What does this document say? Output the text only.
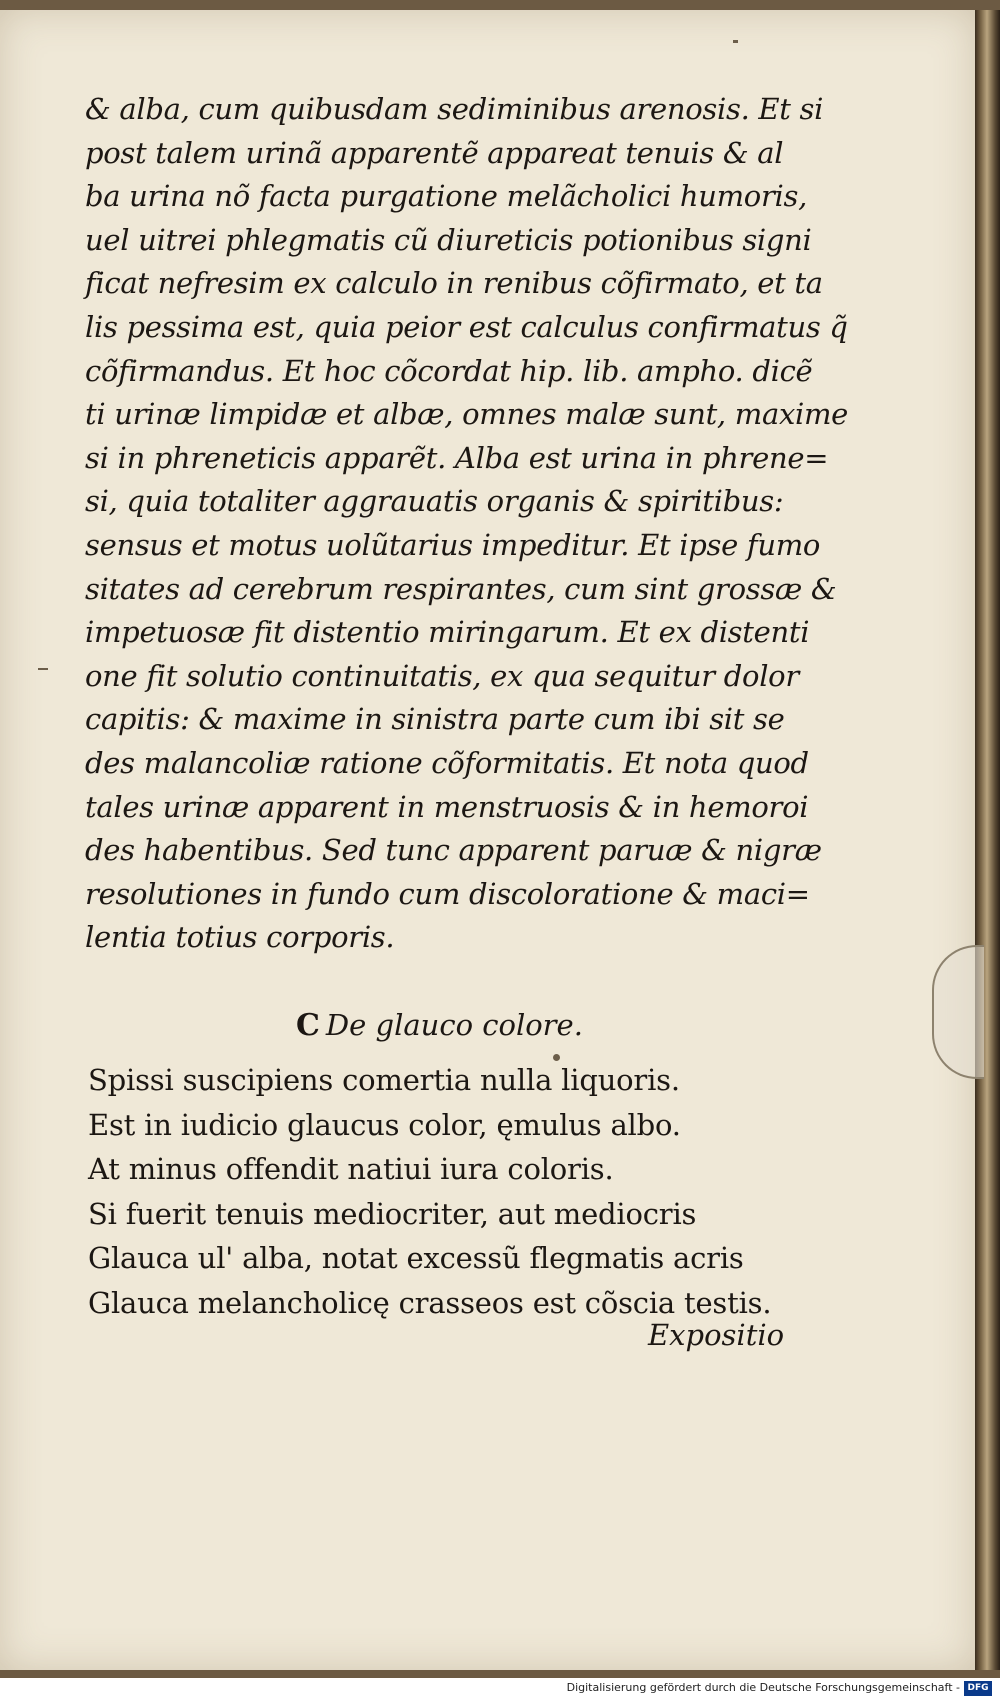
& alba, cum quibusdam sediminibus arenosis. Et si
post talem urinã apparentẽ appareat tenuis & al
ba urina nõ facta purgatione melãcholici humoris,
uel uitrei phlegmatis cũ diureticis potionibus signi
ficat nefresim ex calculo in renibus cõfirmato, et ta
lis pessima est, quia peior est calculus confirmatus q̃
cõfirmandus. Et hoc cõcordat hip. lib. ampho. dicẽ
ti urinæ limpidæ et albæ, omnes malæ sunt, maxime
si in phreneticis apparẽt. Alba est urina in phrene=
si, quia totaliter aggrauatis organis & spiritibus:
sensus et motus uolũtarius impeditur. Et ipse fumo
sitates ad cerebrum respirantes, cum sint grossæ &
impetuosæ fit distentio miringarum. Et ex distenti
one fit solutio continuitatis, ex qua sequitur dolor
capitis: & maxime in sinistra parte cum ibi sit se
des malancoliæ ratione cõformitatis. Et nota quod
tales urinæ apparent in menstruosis & in hemoroi
des habentibus. Sed tunc apparent paruæ & nigræ
resolutiones in fundo cum discoloratione & maci=
lentia totius corporis.
C De glauco colore.
Spissi suscipiens comertia nulla liquoris.
Est in iudicio glaucus color, ęmulus albo.
At minus offendit natiui iura coloris.
Si fuerit tenuis mediocriter, aut mediocris
Glauca ul' alba, notat excessũ flegmatis acris
Glauca melancholicę crasseos est cõscia testis.
Expositio
Digitalisierung gefördert durch die Deutsche Forschungsgemeinschaft - DFG
